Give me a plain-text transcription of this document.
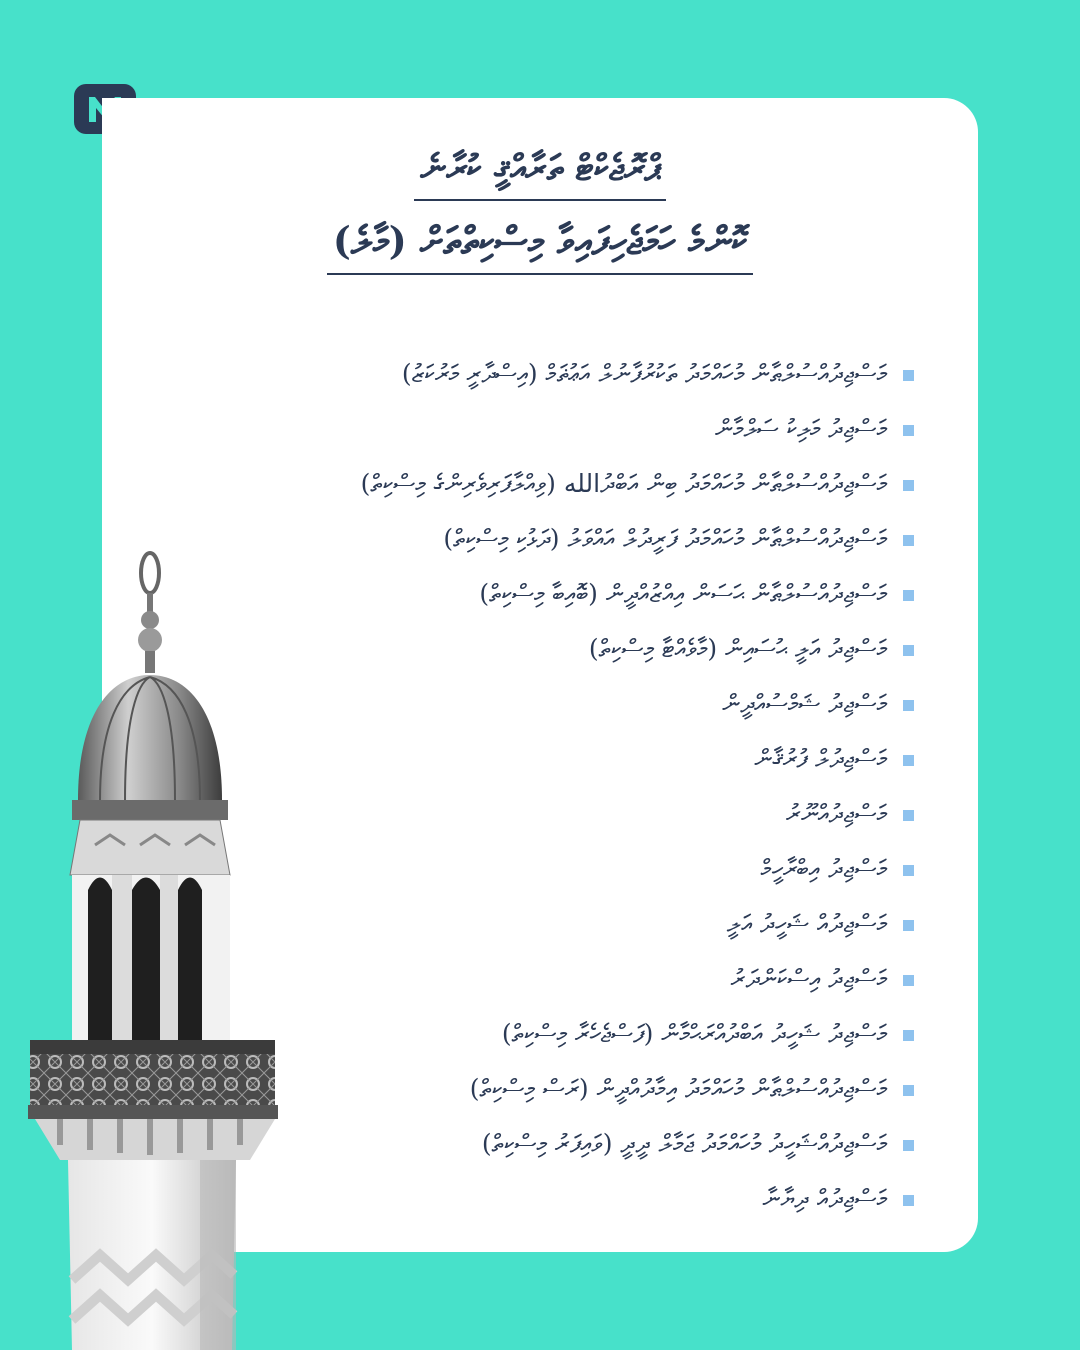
ޕްރޮޖެކްޓް ތަރާއްޤީ ކުރާނެ
ކޮންމެ ހަމަޖެހިފައިވާ މިސްކިތްތަށް (މާލެ)
މަސްޖިދުއްސުލްޠާން މުހައްމަދު ތަކުރުފާނުލް އަޢުޡަމް (އިސްދާރީ މަރުކަޒު)
މަސްޖިދު މަލިކު ސަލްމާން
މަސްޖިދުއްސުލްޠާން މުހައްމަދު ބިން އަބްދުالله (ވިއްލާފަރިވެރިންގެ މިސްކިތް)
މަސްޖިދުއްސުލްޠާން މުހައްމަދު ފަރީދުލް އައްވަލު (ދަޅުކި މިސްކިތް)
މަސްޖިދުއްސުލްޠާން ޙަސަން އިއްޒުއްދީން (ބޮއިބާ މިސްކިތް)
މަސްޖިދު އަލީ ޙުސައިން (މާވެއްޓާ މިސްކިތް)
މަސްޖިދު ޝަމްސުއްދީން
މަސްޖިދުލް ފުރުޤާން
މަސްޖިދުއްނޫރު
މަސްޖިދު އިބްރާހީމް
މަސްޖިދުއް ޝަހީދު އަލީ
މަސްޖިދު އިސްކަންދަރު
މަސްޖިދު ޝަހީދު އަބްދުއްރަޙްމާން (ފަސްޖެހެރާ މިސްކިތް)
މަސްޖިދުއްސުލްޠާން މުހައްމަދު އިމާދުއްދީން (ރަސް މިސްކިތް)
މަސްޖިދުއްޝަހީދު މުހައްމަދު ޖަމާލް ދީދީ (ވައިފަރު މިސްކިތް)
މަސްޖިދުއް ދިޔާނާ
